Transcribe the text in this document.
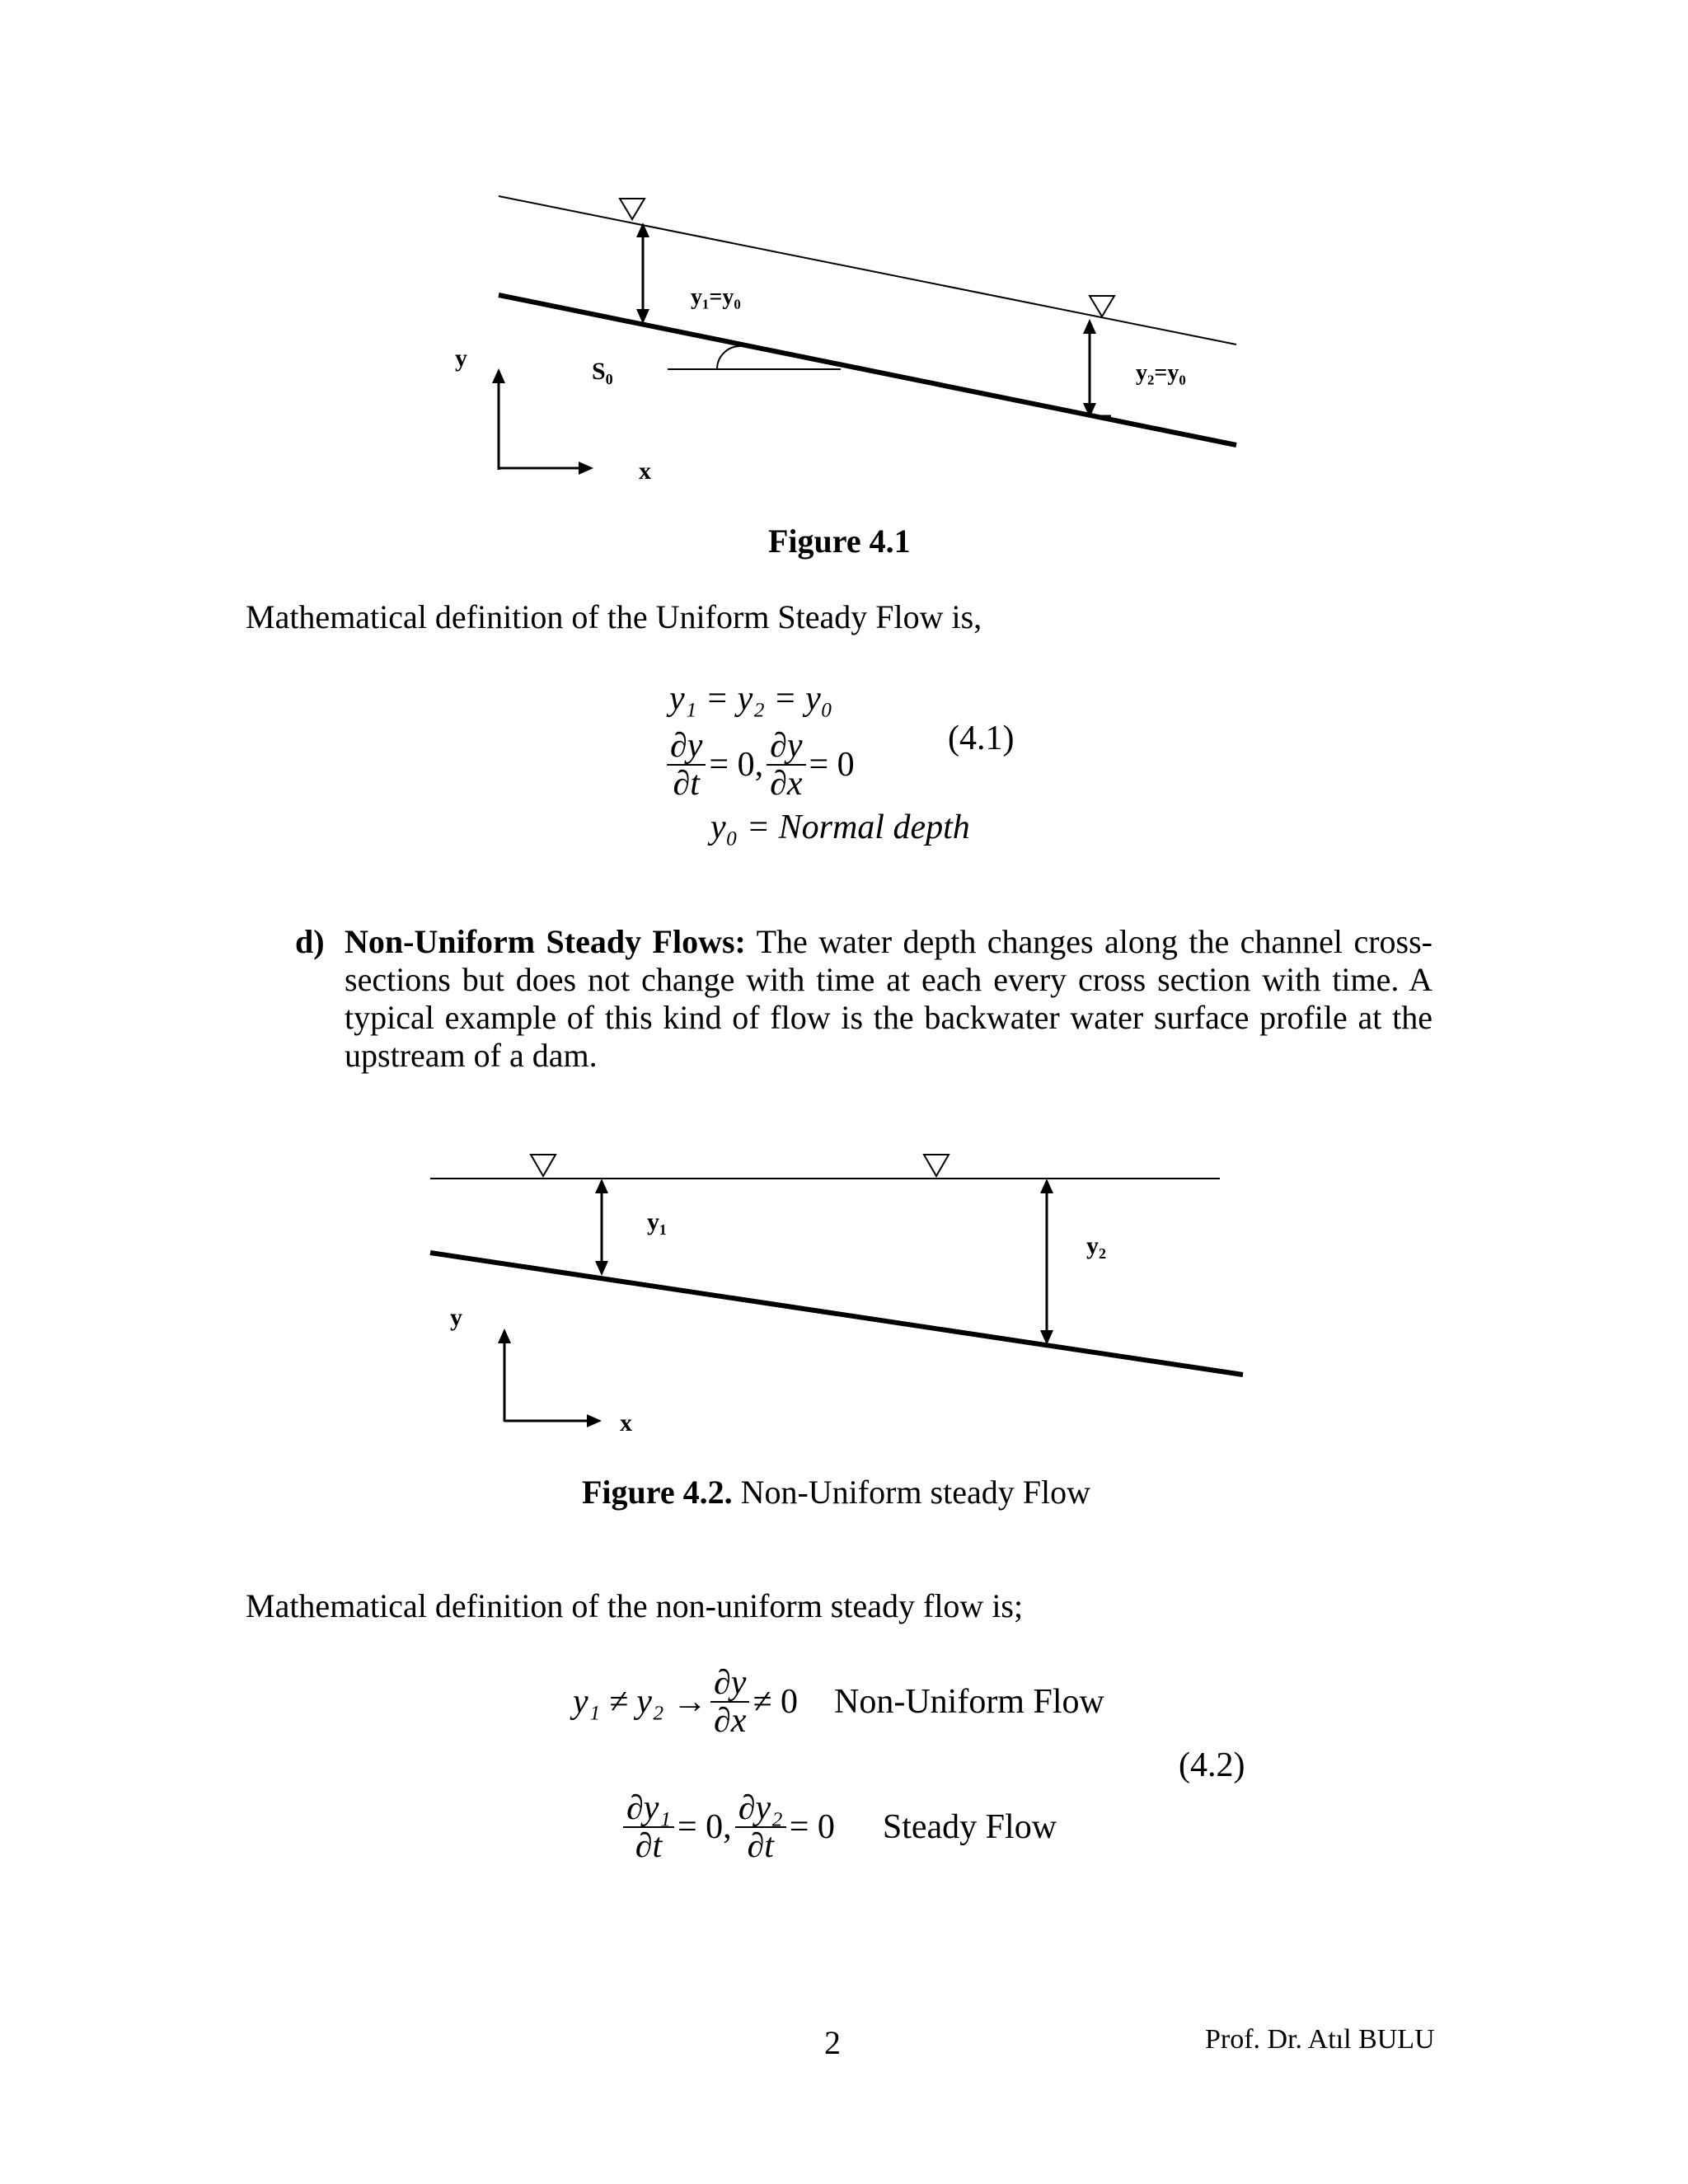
y₁=y₀
y₂=y₀
S₀
y
x
Figure 4.1
Mathematical definition of the Uniform Steady Flow is,
y₁ = y₂ = y₀
$\frac{\partial y}{\partial t} = 0$, $\frac{\partial y}{\partial x} = 0$
y₀ = Normal depth
(4.1)
d) Non-Uniform Steady Flows: The water depth changes along the channel cross-sections but does not change with time at each every cross section with time. A typical example of this kind of flow is the backwater water surface profile at the upstream of a dam.
y₁
y₂
y
x
Figure 4.2. Non-Uniform steady Flow
Mathematical definition of the non-uniform steady flow is;
$y_1 \ne y_2 \to \frac{\partial y}{\partial x} \ne 0$ Non-Uniform Flow
$\frac{\text{∂y₁}}{\partial t} = 0$, $\frac{\text{∂y₂}}{\partial t} = 0$ Steady Flow
(4.2)
2	Prof. Dr. Atıl BULU
